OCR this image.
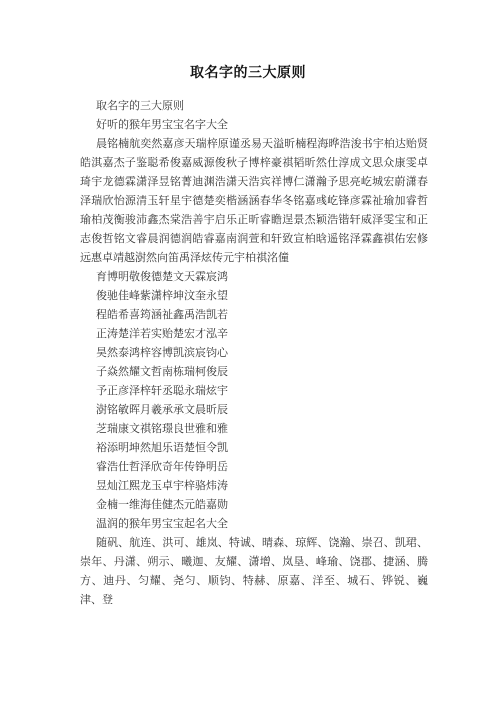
取名字的三大原则
取名字的三大原则
好听的猴年男宝宝名字大全
晨铭楠航奕然嘉彦天瑞梓原谨丞易天溢昕楠程海晔浩浚书宇柏达贻贤皓淇嘉杰子鉴聪希俊嘉威源俊秋子博梓豪祺韬昕然仕淳成文思众康雯卓琦宇龙德霖潇泽昱铭菁迪渊浩潇天浩宾祥博仁潇瀚予思亮屹城宏蔚潇春泽瑞欣怡源清玉轩星宇德楚奕楷涵涵春华冬铭嘉彧屹锋彦霖祉瑜加睿哲瑜柏茂衡骏沛鑫杰棠浩善宇启乐正昕睿瞻逞景杰颖浩锴轩威泽雯宝和正志俊哲铭文睿晨润德润皓睿嘉南润萱和轩致宣柏晗遥铭泽霖鑫祺佑宏修远惠卓靖越澍然向笛禹泽炫传元宇柏祺洺僮
育博明敬俊德楚文天霖宸鸿
俊驰佳峰紫潇梓坤汶奎永望
程皓希喜筠涵祉鑫禹浩凯若
正涛楚洋若实贻楚宏才泓辛
昊然泰鸿梓容博凯滨宸钧心
子焱然耀文哲南栋瑞柯俊辰
予正彦泽梓轩丞聪永瑞炫宇
澍铭敏晖月羲承承文晨昕辰
芝瑞康文祺铭璟良世雅和雅
裕添明坤然旭乐语楚恒令凯
睿浩仕哲泽欣奇年传铮明岳
昱灿江熙龙玉卓宇梓骆炜涛
金楠一维海佳健杰元皓嘉勋
温润的猴年男宝宝起名大全
随矾、航连、洪可、雄岚、特诚、晴森、琼辉、饶瀚、崇召、凯珺、崇年、丹潇、朔示、曦迦、友耀、潇增、岚垦、峰瑜、饶郡、捷涵、腾方、迪丹、匀耀、尧匀、顺钧、特赫、原嘉、洋至、城石、铧锐、巍津、登
